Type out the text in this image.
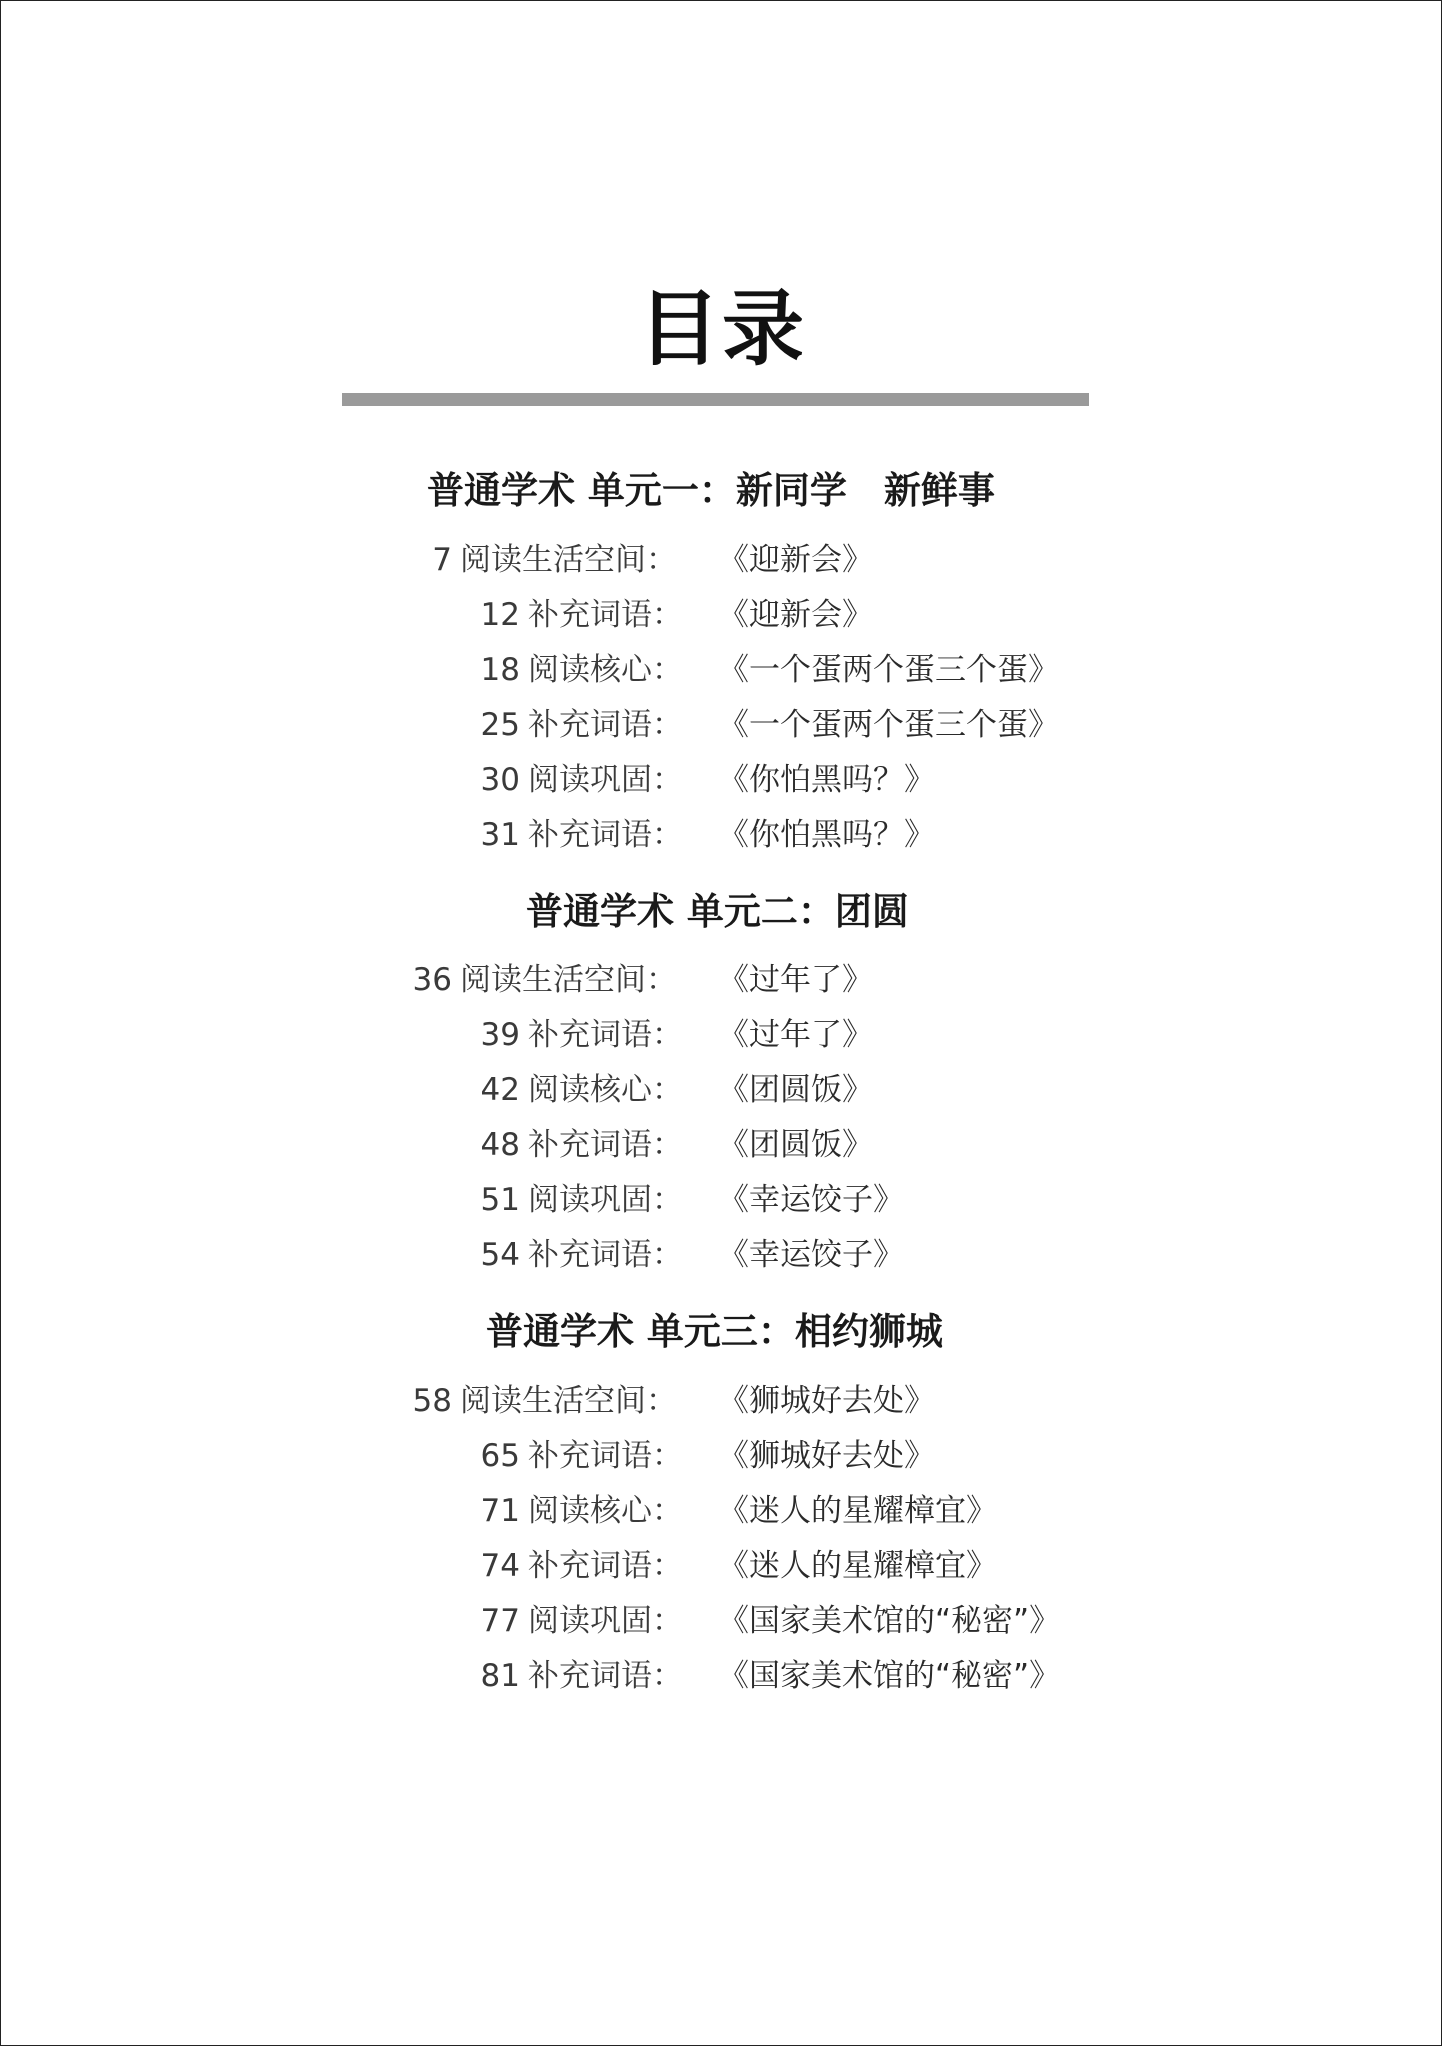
目录
普通学术 单元一：新同学　新鲜事
7 阅读生活空间： 《迎新会》
12 补充词语： 《迎新会》
18 阅读核心： 《一个蛋两个蛋三个蛋》
25 补充词语： 《一个蛋两个蛋三个蛋》
30 阅读巩固： 《你怕黑吗？》
31 补充词语： 《你怕黑吗？》
普通学术 单元二：团圆
36 阅读生活空间： 《过年了》
39 补充词语： 《过年了》
42 阅读核心： 《团圆饭》
48 补充词语： 《团圆饭》
51 阅读巩固： 《幸运饺子》
54 补充词语： 《幸运饺子》
普通学术 单元三：相约狮城
58 阅读生活空间： 《狮城好去处》
65 补充词语： 《狮城好去处》
71 阅读核心： 《迷人的星耀樟宜》
74 补充词语： 《迷人的星耀樟宜》
77 阅读巩固： 《国家美术馆的“秘密”》
81 补充词语： 《国家美术馆的“秘密”》
